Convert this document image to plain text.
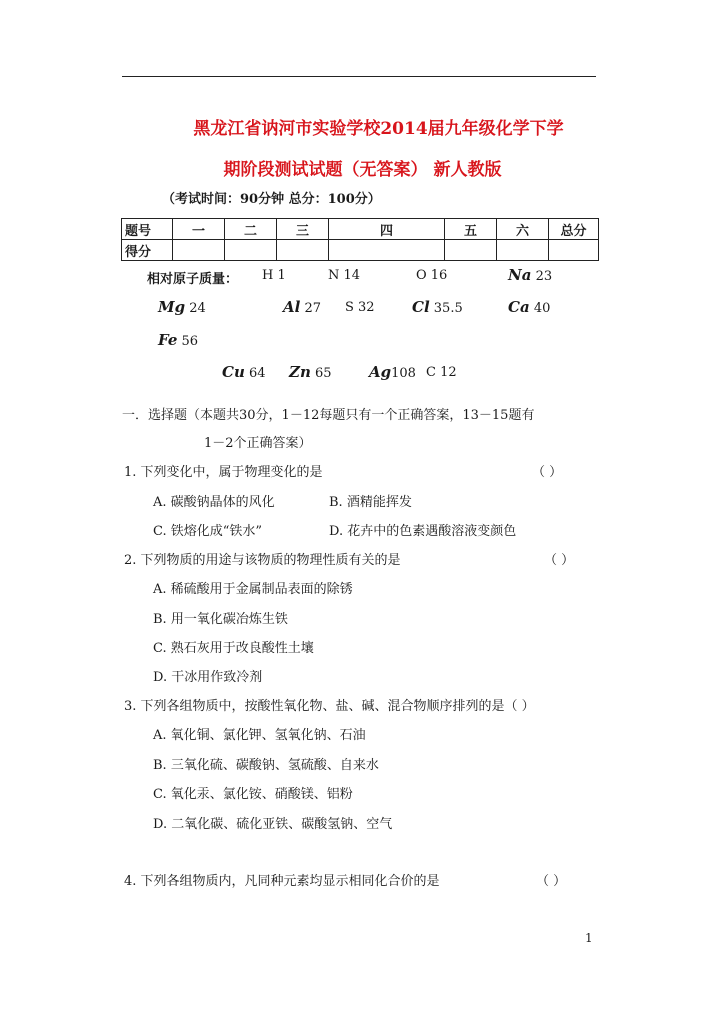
黑龙江省讷河市实验学校2014届九年级化学下学
期阶段测试试题（无答案） 新人教版
（考试时间：90分钟 总分：100分）
题号	一	二	三	四	五	六	总分
得分							
相对原子质量： H 1	N 14	O 16	Na 23
Mg 24	Al 27 S 32 Cl 35.5	Ca 40
Fe 56
Cu 64 Zn 65 Ag108 C 12
一．选择题（本题共30分，1－12每题只有一个正确答案，13－15题有
1－2个正确答案）
1. 下列变化中，属于物理变化的是	（ ）
A. 碳酸钠晶体的风化	B. 酒精能挥发
C. 铁熔化成“铁水”	D. 花卉中的色素遇酸溶液变颜色
2. 下列物质的用途与该物质的物理性质有关的是	（ ）
A. 稀硫酸用于金属制品表面的除锈
B. 用一氧化碳冶炼生铁
C. 熟石灰用于改良酸性土壤
D. 干冰用作致冷剂
3. 下列各组物质中，按酸性氧化物、盐、碱、混合物顺序排列的是（ ）
A. 氧化铜、氯化钾、氢氧化钠、石油
B. 三氧化硫、碳酸钠、氢硫酸、自来水
C. 氧化汞、氯化铵、硝酸镁、铝粉
D. 二氧化碳、硫化亚铁、碳酸氢钠、空气
4. 下列各组物质内，凡同种元素均显示相同化合价的是	（ ）
1
